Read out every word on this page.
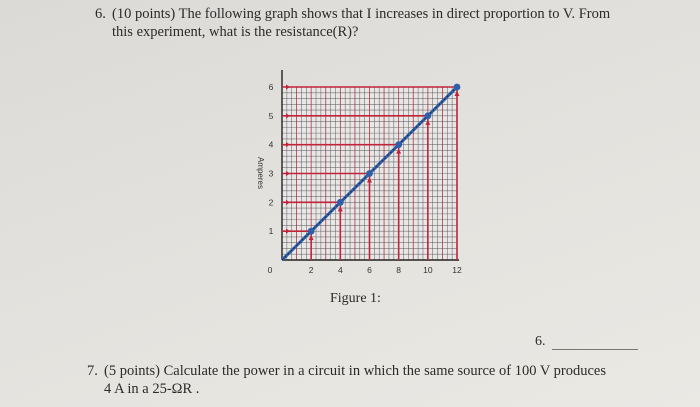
6. (10 points) The following graph shows that I increases in direct proportion to V. From
this experiment, what is the resistance(R)?
0	2	4	6	8	10 12
1
2
3
4
5
6
Amperes
Figure 1:
6.
7. (5 points) Calculate the power in a circuit in which the same source of 100 V produces
4 A in a 25-ΩR .
